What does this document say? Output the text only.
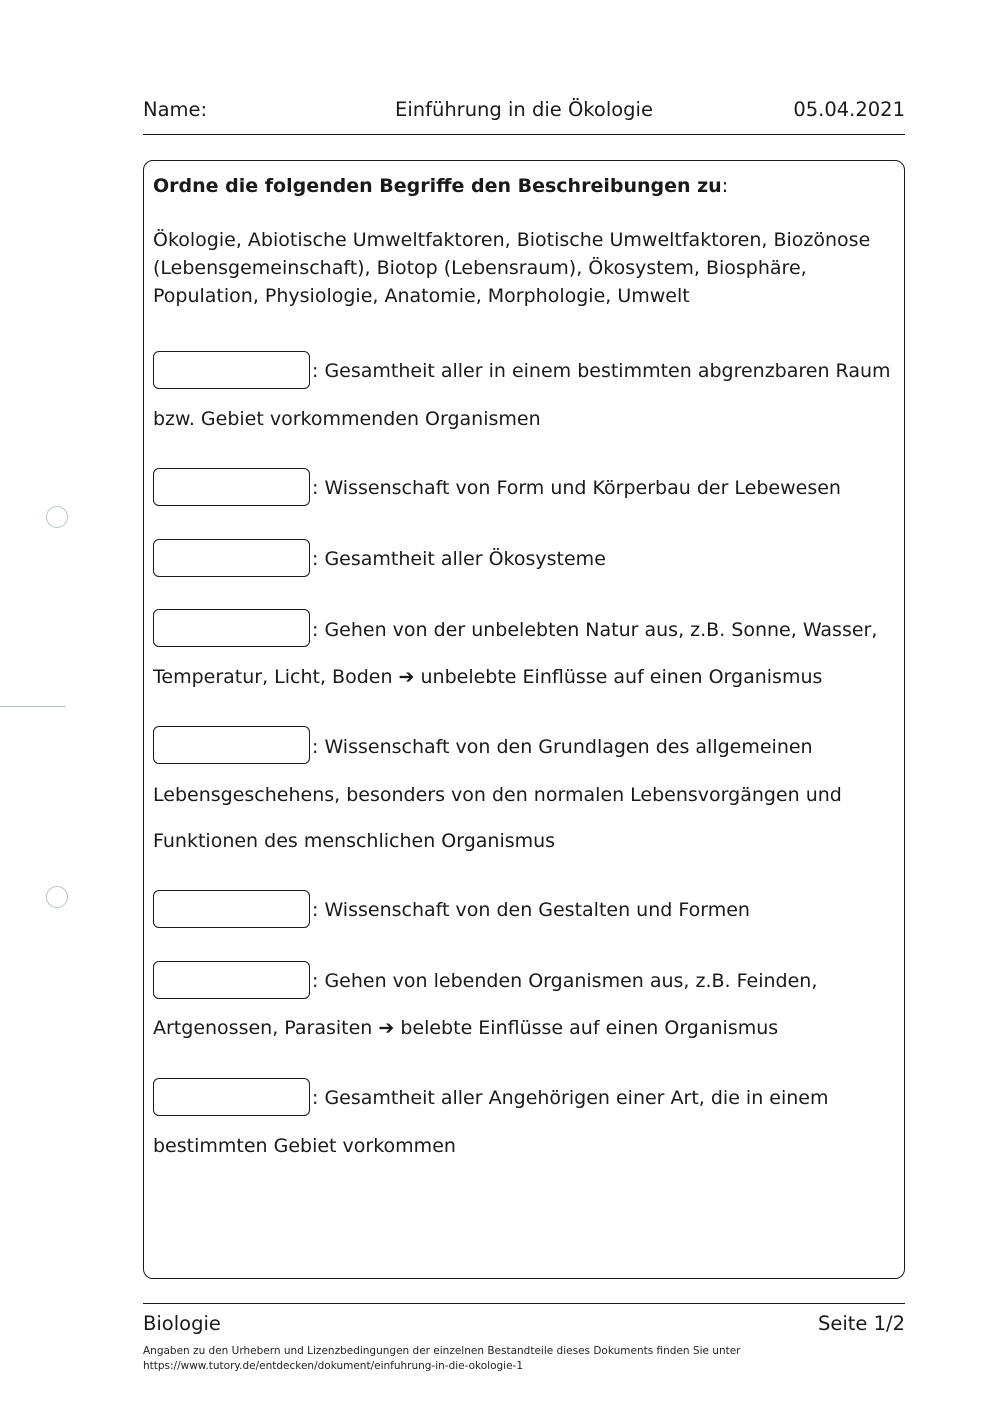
Name:	Einführung in die Ökologie	05.04.2021
Ordne die folgenden Begriffe den Beschreibungen zu:
Ökologie, Abiotische Umweltfaktoren, Biotische Umweltfaktoren, Biozönose
(Lebensgemeinschaft), Biotop (Lebensraum), Ökosystem, Biosphäre,
Population, Physiologie, Anatomie, Morphologie, Umwelt
: Gesamtheit aller in einem bestimmten abgrenzbaren Raum
bzw. Gebiet vorkommenden Organismen
: Wissenschaft von Form und Körperbau der Lebewesen
: Gesamtheit aller Ökosysteme
: Gehen von der unbelebten Natur aus, z.B. Sonne, Wasser,
Temperatur, Licht, Boden ➔ unbelebte Einflüsse auf einen Organismus
: Wissenschaft von den Grundlagen des allgemeinen
Lebensgeschehens, besonders von den normalen Lebensvorgängen und
Funktionen des menschlichen Organismus
: Wissenschaft von den Gestalten und Formen
: Gehen von lebenden Organismen aus, z.B. Feinden,
Artgenossen, Parasiten ➔ belebte Einflüsse auf einen Organismus
: Gesamtheit aller Angehörigen einer Art, die in einem
bestimmten Gebiet vorkommen
Biologie	Seite 1/2
Angaben zu den Urhebern und Lizenzbedingungen der einzelnen Bestandteile dieses Dokuments finden Sie unter
https://www.tutory.de/entdecken/dokument/einfuhrung-in-die-okologie-1
